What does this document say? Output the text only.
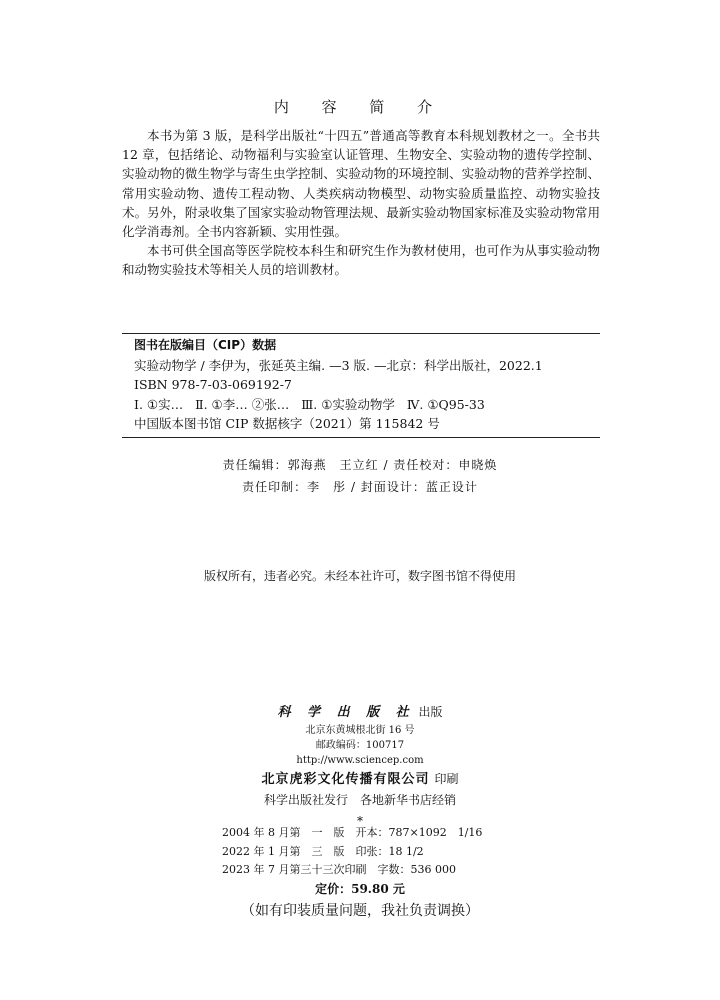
内 容 简 介

本书为第 3 版，是科学出版社“十四五”普通高等教育本科规划教材之一。全书共 12 章，包括绪论、动物福利与实验室认证管理、生物安全、实验动物的遗传学控制、实验动物的微生物学与寄生虫学控制、实验动物的环境控制、实验动物的营养学控制、常用实验动物、遗传工程动物、人类疾病动物模型、动物实验质量监控、动物实验技术。另外，附录收集了国家实验动物管理法规、最新实验动物国家标准及实验动物常用化学消毒剂。全书内容新颖、实用性强。

本书可供全国高等医学院校本科生和研究生作为教材使用，也可作为从事实验动物和动物实验技术等相关人员的培训教材。

图书在版编目（CIP）数据
实验动物学 / 李伊为，张延英主编. —3 版. —北京：科学出版社，2022.1
ISBN 978-7-03-069192-7
Ⅰ. ①实… Ⅱ. ①李… ②张… Ⅲ. ①实验动物学 Ⅳ. ①Q95-33
中国版本图书馆 CIP 数据核字（2021）第 115842 号
责任编辑：郭海燕　王立红 / 责任校对：申晓焕
责任印制：李　彤 / 封面设计：蓝正设计
版权所有，违者必究。未经本社许可，数字图书馆不得使用
科 学 出 版 社 出版
北京东黄城根北街 16 号
邮政编码：100717
http://www.sciencep.com
北京虎彩文化传播有限公司 印刷
科学出版社发行　各地新华书店经销
*
2004 年 8 月第　一　版　开本：787×1092　1/16
2022 年 1 月第　三　版　印张：18 1/2
2023 年 7 月第三十三次印刷　字数：536 000
定价：59.80 元
（如有印装质量问题，我社负责调换）
